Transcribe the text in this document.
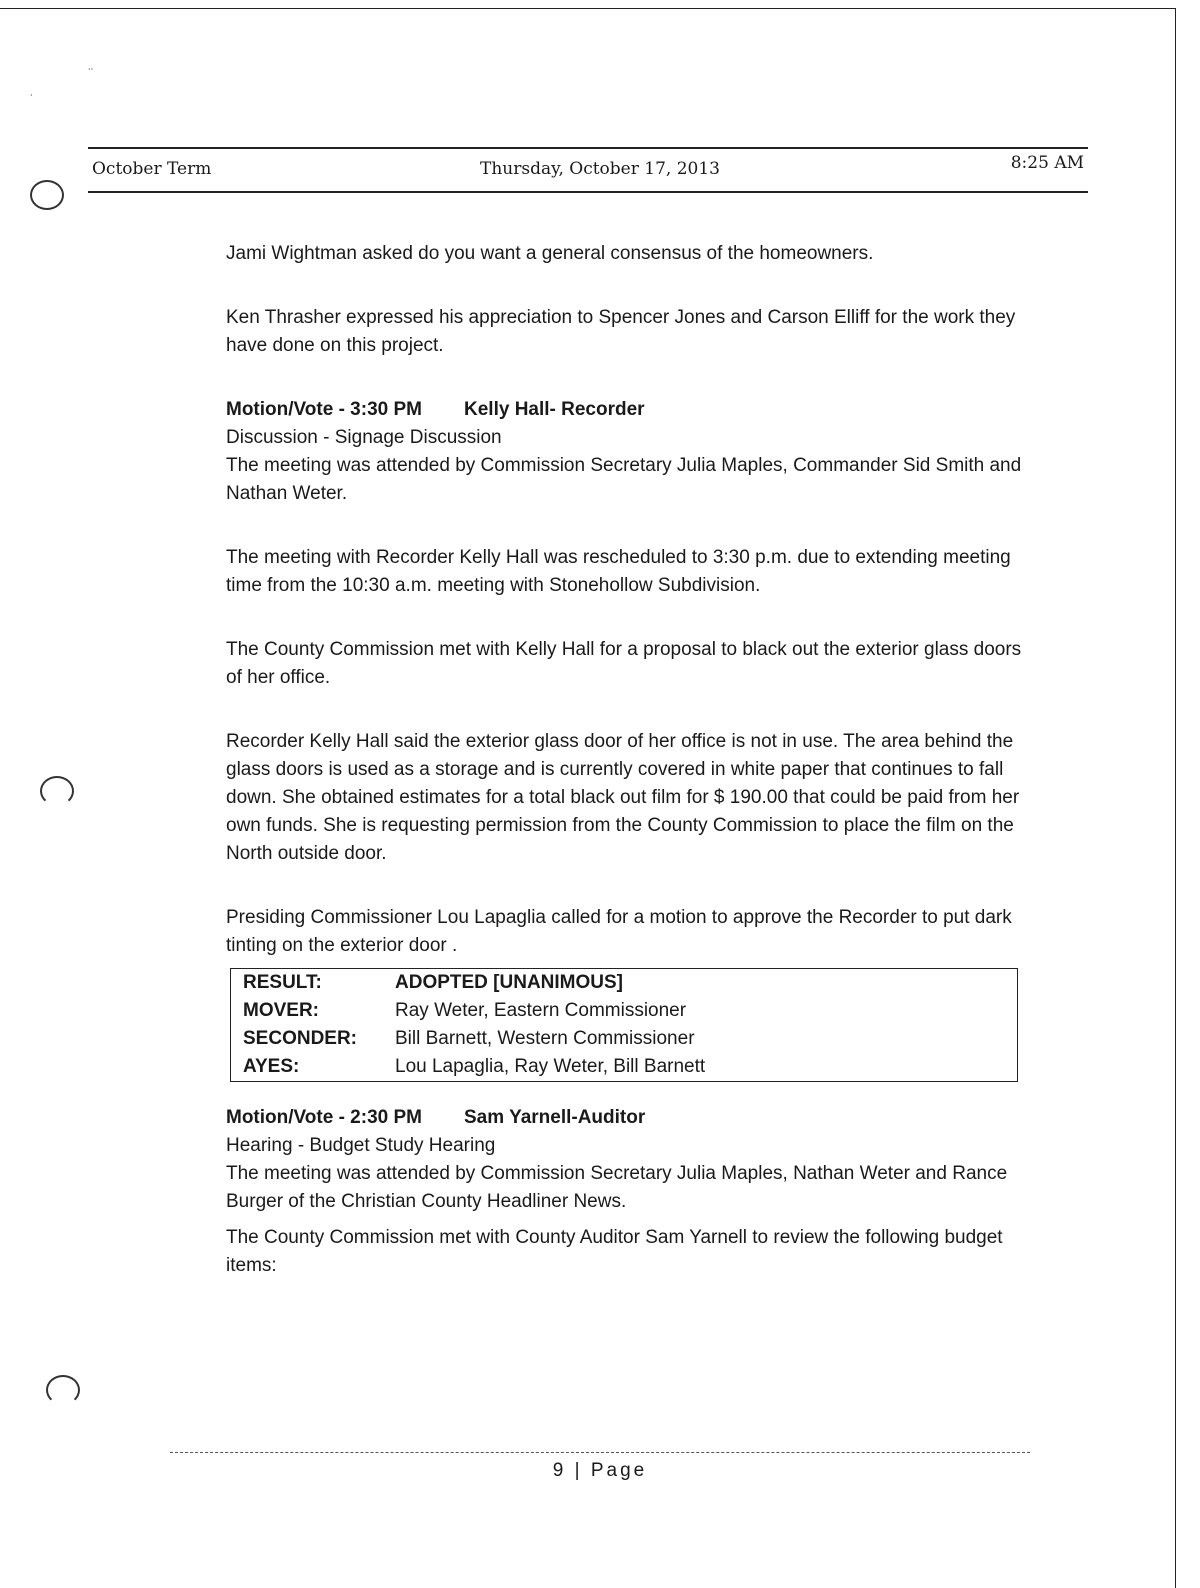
⸳⸳
⸳
October Term	Thursday, October 17, 2013	8:25 AM

Jami Wightman asked do you want a general consensus of the homeowners.

Ken Thrasher expressed his appreciation to Spencer Jones and Carson Elliff for the work they have done on this project.

Motion/Vote - 3:30 PM Kelly Hall- Recorder

Discussion - Signage Discussion

The meeting was attended by Commission Secretary Julia Maples, Commander Sid Smith and Nathan Weter.

The meeting with Recorder Kelly Hall was rescheduled to 3:30 p.m. due to extending meeting time from the 10:30 a.m. meeting with Stonehollow Subdivision.

The County Commission met with Kelly Hall for a proposal to black out the exterior glass doors of her office.

Recorder Kelly Hall said the exterior glass door of her office is not in use. The area behind the glass doors is used as a storage and is currently covered in white paper that continues to fall down. She obtained estimates for a total black out film for $ 190.00 that could be paid from her own funds. She is requesting permission from the County Commission to place the film on the North outside door.

Presiding Commissioner Lou Lapaglia called for a motion to approve the Recorder to put dark tinting on the exterior door .

RESULT:	ADOPTED [UNANIMOUS]
MOVER:	Ray Weter, Eastern Commissioner
SECONDER:	Bill Barnett, Western Commissioner
AYES:	Lou Lapaglia, Ray Weter, Bill Barnett
Motion/Vote - 2:30 PM Sam Yarnell-Auditor

Hearing - Budget Study Hearing

The meeting was attended by Commission Secretary Julia Maples, Nathan Weter and Rance Burger of the Christian County Headliner News.

The County Commission met with County Auditor Sam Yarnell to review the following budget items:

9 | Page
